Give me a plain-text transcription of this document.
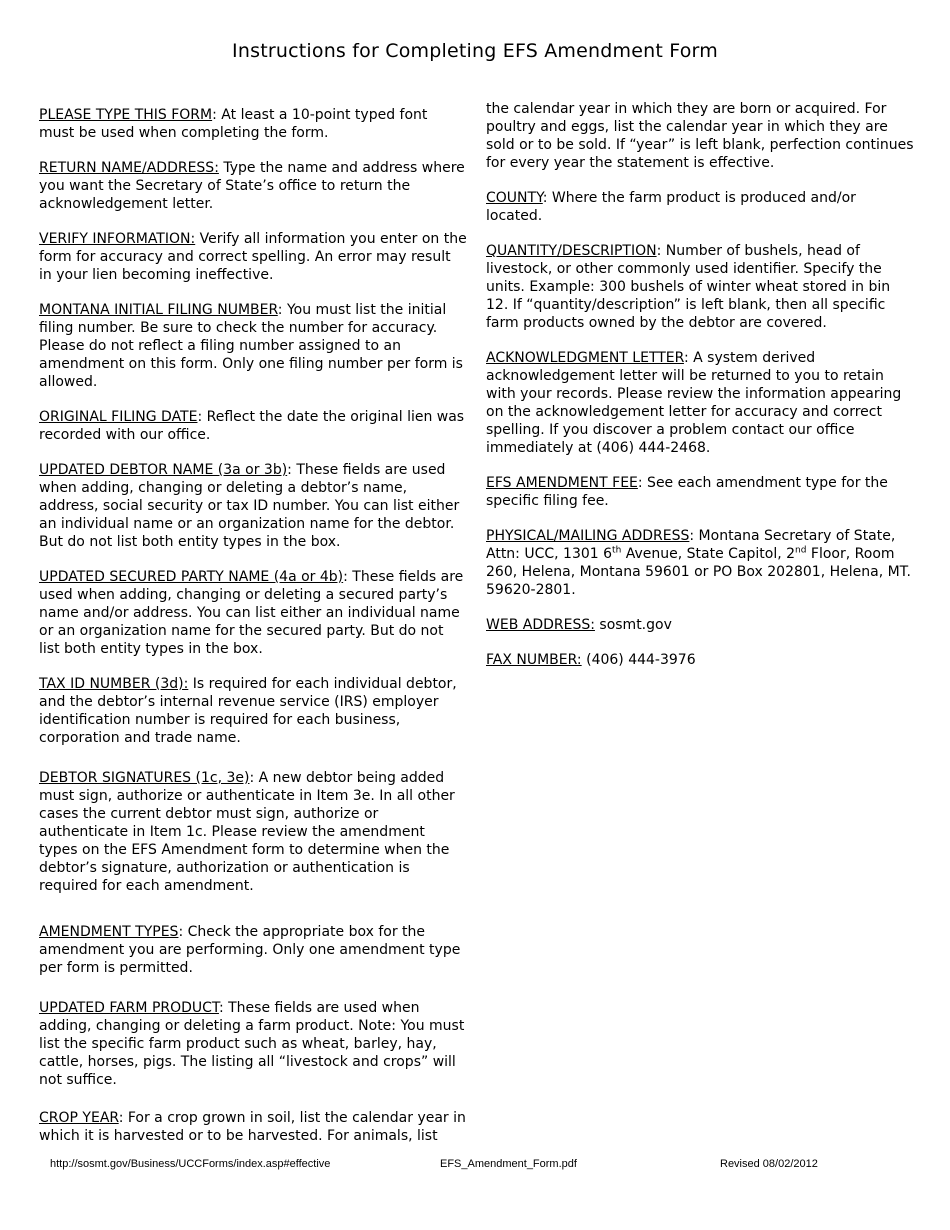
Instructions for Completing EFS Amendment Form

PLEASE TYPE THIS FORM: At least a 10-point typed font must be used when completing the form.

RETURN NAME/ADDRESS: Type the name and address where you want the Secretary of State’s office to return the acknowledgement letter.

VERIFY INFORMATION: Verify all information you enter on the form for accuracy and correct spelling. An error may result in your lien becoming ineffective.

MONTANA INITIAL FILING NUMBER: You must list the initial filing number. Be sure to check the number for accuracy. Please do not reflect a filing number assigned to an amendment on this form. Only one filing number per form is allowed.

ORIGINAL FILING DATE: Reflect the date the original lien was recorded with our office.

UPDATED DEBTOR NAME (3a or 3b): These fields are used when adding, changing or deleting a debtor’s name, address, social security or tax ID number. You can list either an individual name or an organization name for the debtor. But do not list both entity types in the box.

UPDATED SECURED PARTY NAME (4a or 4b): These fields are used when adding, changing or deleting a secured party’s name and/or address. You can list either an individual name or an organization name for the secured party. But do not list both entity types in the box.

TAX ID NUMBER (3d): Is required for each individual debtor, and the debtor’s internal revenue service (IRS) employer identification number is required for each business, corporation and trade name.

DEBTOR SIGNATURES (1c, 3e): A new debtor being added must sign, authorize or authenticate in Item 3e. In all other cases the current debtor must sign, authorize or authenticate in Item 1c. Please review the amendment types on the EFS Amendment form to determine when the debtor’s signature, authorization or authentication is required for each amendment.

AMENDMENT TYPES: Check the appropriate box for the amendment you are performing. Only one amendment type per form is permitted.

UPDATED FARM PRODUCT: These fields are used when adding, changing or deleting a farm product. Note: You must list the specific farm product such as wheat, barley, hay, cattle, horses, pigs. The listing all “livestock and crops” will not suffice.

CROP YEAR: For a crop grown in soil, list the calendar year in which it is harvested or to be harvested. For animals, list

the calendar year in which they are born or acquired. For poultry and eggs, list the calendar year in which they are sold or to be sold. If “year” is left blank, perfection continues for every year the statement is effective.

COUNTY: Where the farm product is produced and/or located.

QUANTITY/DESCRIPTION: Number of bushels, head of livestock, or other commonly used identifier. Specify the units. Example: 300 bushels of winter wheat stored in bin 12. If “quantity/description” is left blank, then all specific farm products owned by the debtor are covered.

ACKNOWLEDGMENT LETTER: A system derived acknowledgement letter will be returned to you to retain with your records. Please review the information appearing on the acknowledgement letter for accuracy and correct spelling. If you discover a problem contact our office immediately at (406) 444-2468.

EFS AMENDMENT FEE: See each amendment type for the specific filing fee.

PHYSICAL/MAILING ADDRESS: Montana Secretary of State, Attn: UCC, 1301 6th Avenue, State Capitol, 2nd Floor, Room 260, Helena, Montana 59601 or PO Box 202801, Helena, MT. 59620-2801.

WEB ADDRESS: sosmt.gov

FAX NUMBER: (406) 444-3976

http://sosmt.gov/Business/UCCForms/index.asp#effective	EFS_Amendment_Form.pdf	Revised 08/02/2012
